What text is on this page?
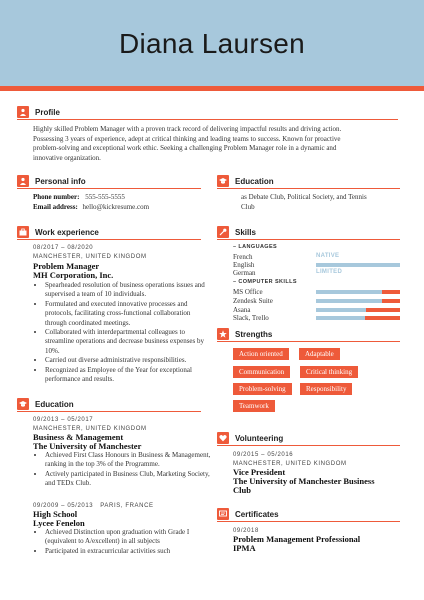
Diana Laursen
Profile

Highly skilled Problem Manager with a proven track record of delivering impactful results and driving action.

Possessing 3 years of experience, adept at critical thinking and leading teams to success. Known for proactive

problem-solving and exceptional work ethic. Seeking a challenging Problem Manager role in a dynamic and

innovative organization.

Personal info

Phone number: 555-555-5555

Email address: hello@kickresume.com

Work experience
08/2017 – 08/2020
MANCHESTER, UNITED KINGDOM
Problem Manager
MH Corporation, Inc.
• Spearheaded resolution of business operations issues and supervised a team of 10 individuals.
• Formulated and executed innovative processes and protocols, facilitating cross-functional collaboration through coordinated meetings.
• Collaborated with interdepartmental colleagues to streamline operations and decrease business expenses by 10%.
• Carried out diverse administrative responsibilities.
• Recognized as Employee of the Year for exceptional performance and results.
Education
09/2013 – 05/2017
MANCHESTER, UNITED KINGDOM
Business & Management
The University of Manchester
• Achieved First Class Honours in Business & Management, ranking in the top 3% of the Programme.
• Actively participated in Business Club, Marketing Society, and TEDx Club.
09/2009 – 05/2013 PARIS, FRANCE
High School
Lycee Fenelon
• Achieved Distinction upon graduation with Grade I (equivalent to A/excellent) in all subjects
• Participated in extracurricular activities such
Education

as Debate Club, Political Society, and Tennis

Club

Skills
– LANGUAGES
French	NATIVE
English
German	LIMITED
– COMPUTER SKILLS
MS Office
Zendesk Suite
Asana
Slack, Trello
Strengths
Action oriented	Adaptable
Communication	Critical thinking
Problem-solving	Responsibility
Teamwork
Volunteering
09/2015 – 05/2016
MANCHESTER, UNITED KINGDOM
Vice President
The University of Manchester Business
Club
Certificates
09/2018
Problem Management Professional
IPMA
